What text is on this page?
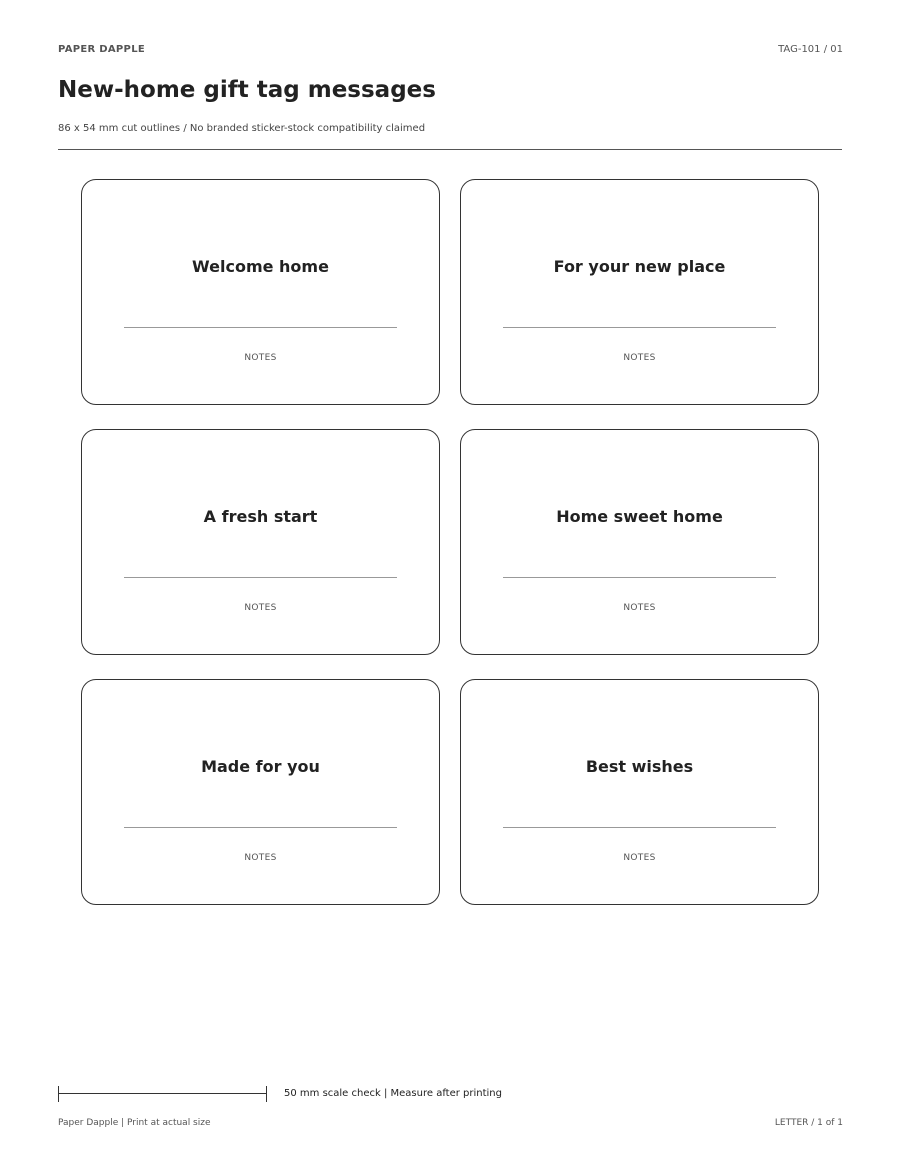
PAPER DAPPLE	TAG-101 / 01
New-home gift tag messages
86 x 54 mm cut outlines / No branded sticker-stock compatibility claimed
Welcome home
NOTES
For your new place
NOTES
A fresh start
NOTES
Home sweet home
NOTES
Made for you
NOTES
Best wishes
NOTES
50 mm scale check | Measure after printing
Paper Dapple | Print at actual size	LETTER / 1 of 1
